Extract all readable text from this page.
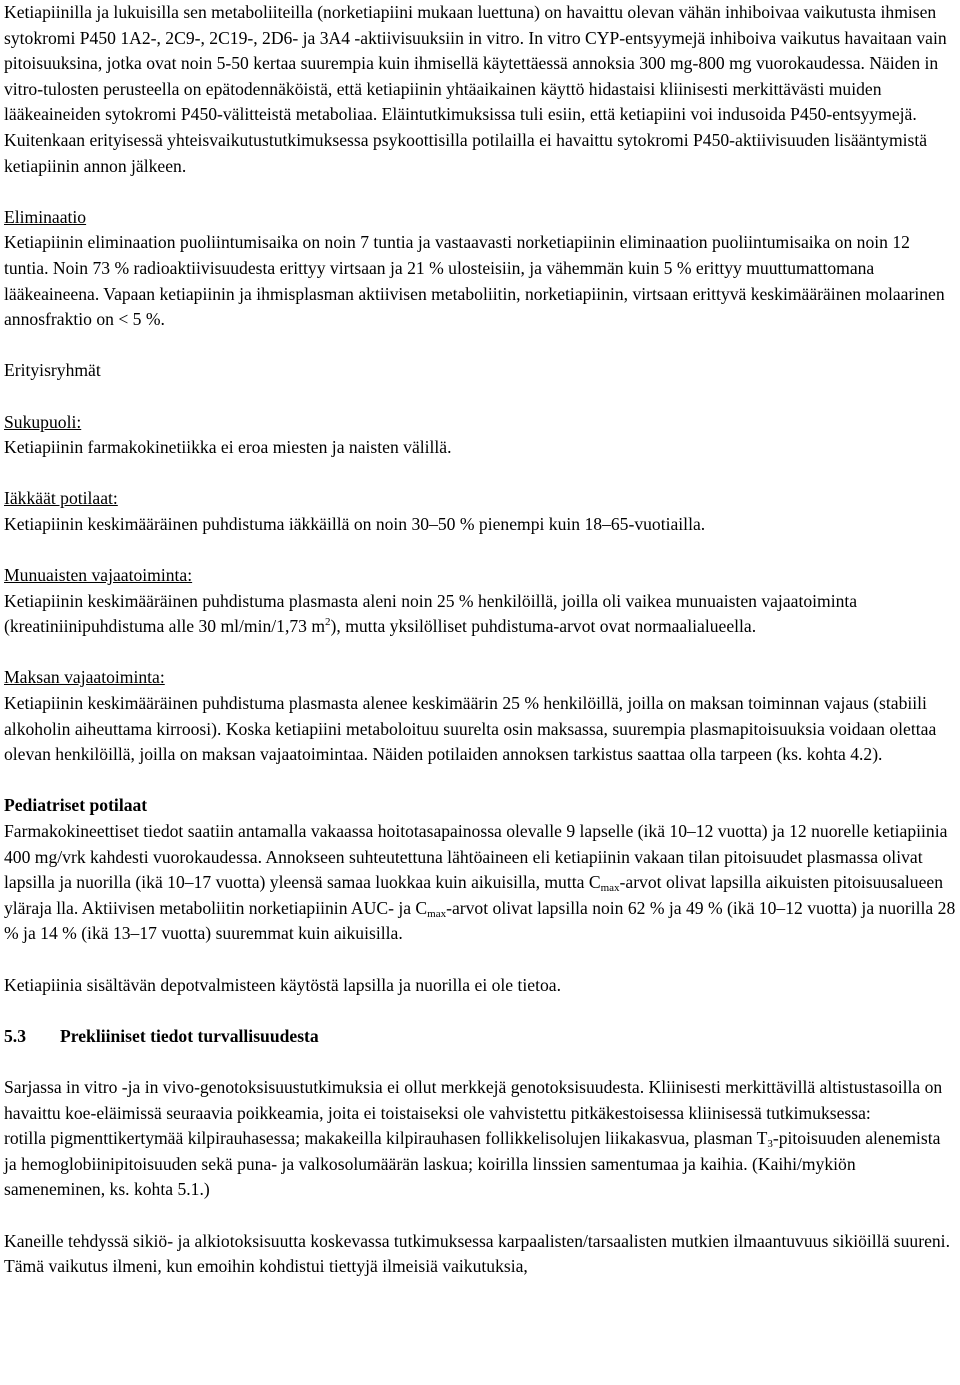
Ketiapiinilla ja lukuisilla sen metaboliiteilla (norketiapiini mukaan luettuna) on havaittu olevan vähän inhiboivaa vaikutusta ihmisen sytokromi P450 1A2-, 2C9-, 2C19-, 2D6- ja 3A4 -aktiivisuuksiin in vitro. In vitro CYP-entsyymejä inhiboiva vaikutus havaitaan vain pitoisuuksina, jotka ovat noin 5-50 kertaa suurempia kuin ihmisellä käytettäessä annoksia 300 mg-800 mg vuorokaudessa. Näiden in vitro-tulosten perusteella on epätodennäköistä, että ketiapiinin yhtäaikainen käyttö hidastaisi kliinisesti merkittävästi muiden lääkeaineiden sytokromi P450-välitteistä metaboliaa. Eläintutkimuksissa tuli esiin, että ketiapiini voi indusoida P450-entsyymejä. Kuitenkaan erityisessä yhteisvaikutustutkimuksessa psykoottisilla potilailla ei havaittu sytokromi P450-aktiivisuuden lisääntymistä ketiapiinin annon jälkeen.

Eliminaatio

Ketiapiinin eliminaation puoliintumisaika on noin 7 tuntia ja vastaavasti norketiapiinin eliminaation puoliintumisaika on noin 12 tuntia. Noin 73 % radioaktiivisuudesta erittyy virtsaan ja 21 % ulosteisiin, ja vähemmän kuin 5 % erittyy muuttumattomana lääkeaineena. Vapaan ketiapiinin ja ihmisplasman aktiivisen metaboliitin, norketiapiinin, virtsaan erittyvä keskimääräinen molaarinen annosfraktio on < 5 %.

Erityisryhmät

Sukupuoli:

Ketiapiinin farmakokinetiikka ei eroa miesten ja naisten välillä.

Iäkkäät potilaat:

Ketiapiinin keskimääräinen puhdistuma iäkkäillä on noin 30–50 % pienempi kuin 18–65-vuotiailla.

Munuaisten vajaatoiminta:

Ketiapiinin keskimääräinen puhdistuma plasmasta aleni noin 25 % henkilöillä, joilla oli vaikea munuaisten vajaatoiminta (kreatiniinipuhdistuma alle 30 ml/min/1,73 $m^2$), mutta yksilölliset puhdistuma-arvot ovat normaalialueella.

Maksan vajaatoiminta:

Ketiapiinin keskimääräinen puhdistuma plasmasta alenee keskimäärin 25 % henkilöillä, joilla on maksan toiminnan vajaus (stabiili alkoholin aiheuttama kirroosi). Koska ketiapiini metaboloituu suurelta osin maksassa, suurempia plasmapitoisuuksia voidaan olettaa olevan henkilöillä, joilla on maksan vajaatoimintaa. Näiden potilaiden annoksen tarkistus saattaa olla tarpeen (ks. kohta 4.2).

Pediatriset potilaat

Farmakokineettiset tiedot saatiin antamalla vakaassa hoitotasapainossa olevalle 9 lapselle (ikä 10–12 vuotta) ja 12 nuorelle ketiapiinia 400 mg/vrk kahdesti vuorokaudessa. Annokseen suhteutettuna lähtöaineen eli ketiapiinin vakaan tilan pitoisuudet plasmassa olivat lapsilla ja nuorilla (ikä 10–17 vuotta) yleensä samaa luokkaa kuin aikuisilla, mutta $C_{max}$-arvot olivat lapsilla aikuisten pitoisuusalueen yläraja lla. Aktiivisen metaboliitin norketiapiinin AUC- ja $C_{max}$-arvot olivat lapsilla noin 62 % ja 49 % (ikä 10–12 vuotta) ja nuorilla 28 % ja 14 % (ikä 13–17 vuotta) suuremmat kuin aikuisilla.

Ketiapiinia sisältävän depotvalmisteen käytöstä lapsilla ja nuorilla ei ole tietoa.

5.3 Prekliiniset tiedot turvallisuudesta

Sarjassa in vitro -ja in vivo-genotoksisuustutkimuksia ei ollut merkkejä genotoksisuudesta. Kliinisesti merkittävillä altistustasoilla on havaittu koe-eläimissä seuraavia poikkeamia, joita ei toistaiseksi ole vahvistettu pitkäkestoisessa kliinisessä tutkimuksessa:
rotilla pigmenttikertymää kilpirauhasessa; makakeilla kilpirauhasen follikkelisolujen liikakasvua, plasman $T_3$-pitoisuuden alenemista ja hemoglobiinipitoisuuden sekä puna- ja valkosolumäärän laskua; koirilla linssien samentumaa ja kaihia. (Kaihi/mykiön sameneminen, ks. kohta 5.1.)

Kaneille tehdyssä sikiö- ja alkiotoksisuutta koskevassa tutkimuksessa karpaalisten/tarsaalisten mutkien ilmaantuvuus sikiöillä suureni. Tämä vaikutus ilmeni, kun emoihin kohdistui tiettyjä ilmeisiä vaikutuksia,
